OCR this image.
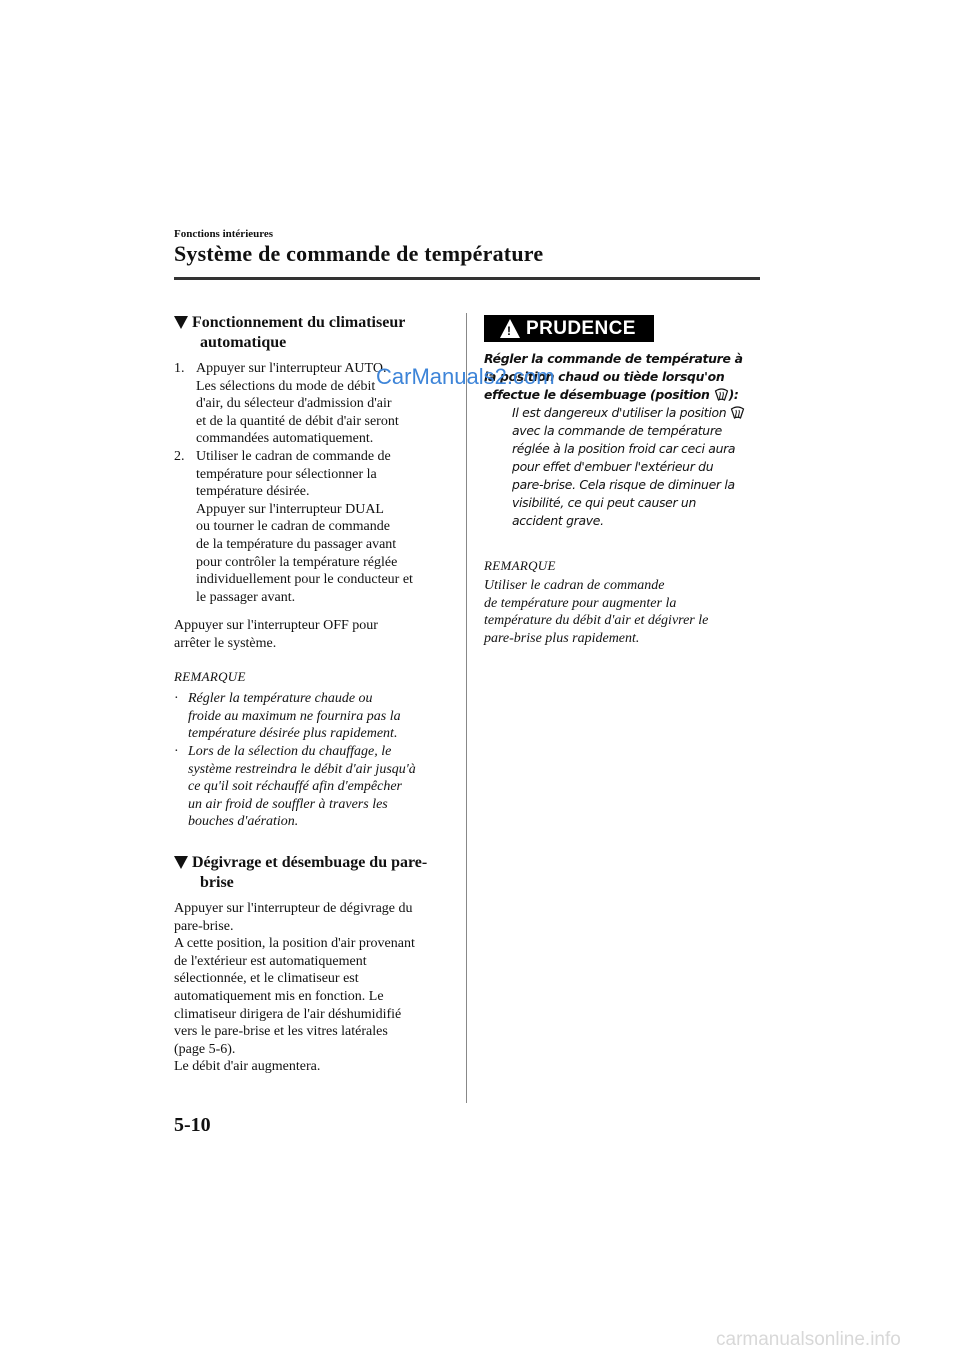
Fonctions intérieures
Système de commande de température
Fonctionnement du climatiseur
automatique
1. Appuyer sur l'interrupteur AUTO.
Les sélections du mode de débit
d'air, du sélecteur d'admission d'air
et de la quantité de débit d'air seront
commandées automatiquement.
2. Utiliser le cadran de commande de
température pour sélectionner la
température désirée.
Appuyer sur l'interrupteur DUAL
ou tourner le cadran de commande
de la température du passager avant
pour contrôler la température réglée
individuellement pour le conducteur et
le passager avant.
Appuyer sur l'interrupteur OFF pour
arrêter le système.
REMARQUE
· Régler la température chaude ou
froide au maximum ne fournira pas la
température désirée plus rapidement.
· Lors de la sélection du chauffage, le
système restreindra le débit d'air jusqu'à
ce qu'il soit réchauffé afin d'empêcher
un air froid de souffler à travers les
bouches d'aération.
Dégivrage et désembuage du pare-
brise
Appuyer sur l'interrupteur de dégivrage du
pare-brise.
A cette position, la position d'air provenant
de l'extérieur est automatiquement
sélectionnée, et le climatiseur est
automatiquement mis en fonction. Le
climatiseur dirigera de l'air déshumidifié
vers le pare-brise et les vitres latérales
(page 5-6).
Le débit d'air augmentera.
! PRUDENCE
Régler la commande de température à
la position chaud ou tiède lorsqu'on
effectue le désembuage (position ):
Il est dangereux d'utiliser la position
avec la commande de température
réglée à la position froid car ceci aura
pour effet d'embuer l'extérieur du
pare-brise. Cela risque de diminuer la
visibilité, ce qui peut causer un
accident grave.
REMARQUE
Utiliser le cadran de commande
de température pour augmenter la
température du débit d'air et dégivrer le
pare-brise plus rapidement.
CarManuals2.com
5-10
carmanualsonline.info
